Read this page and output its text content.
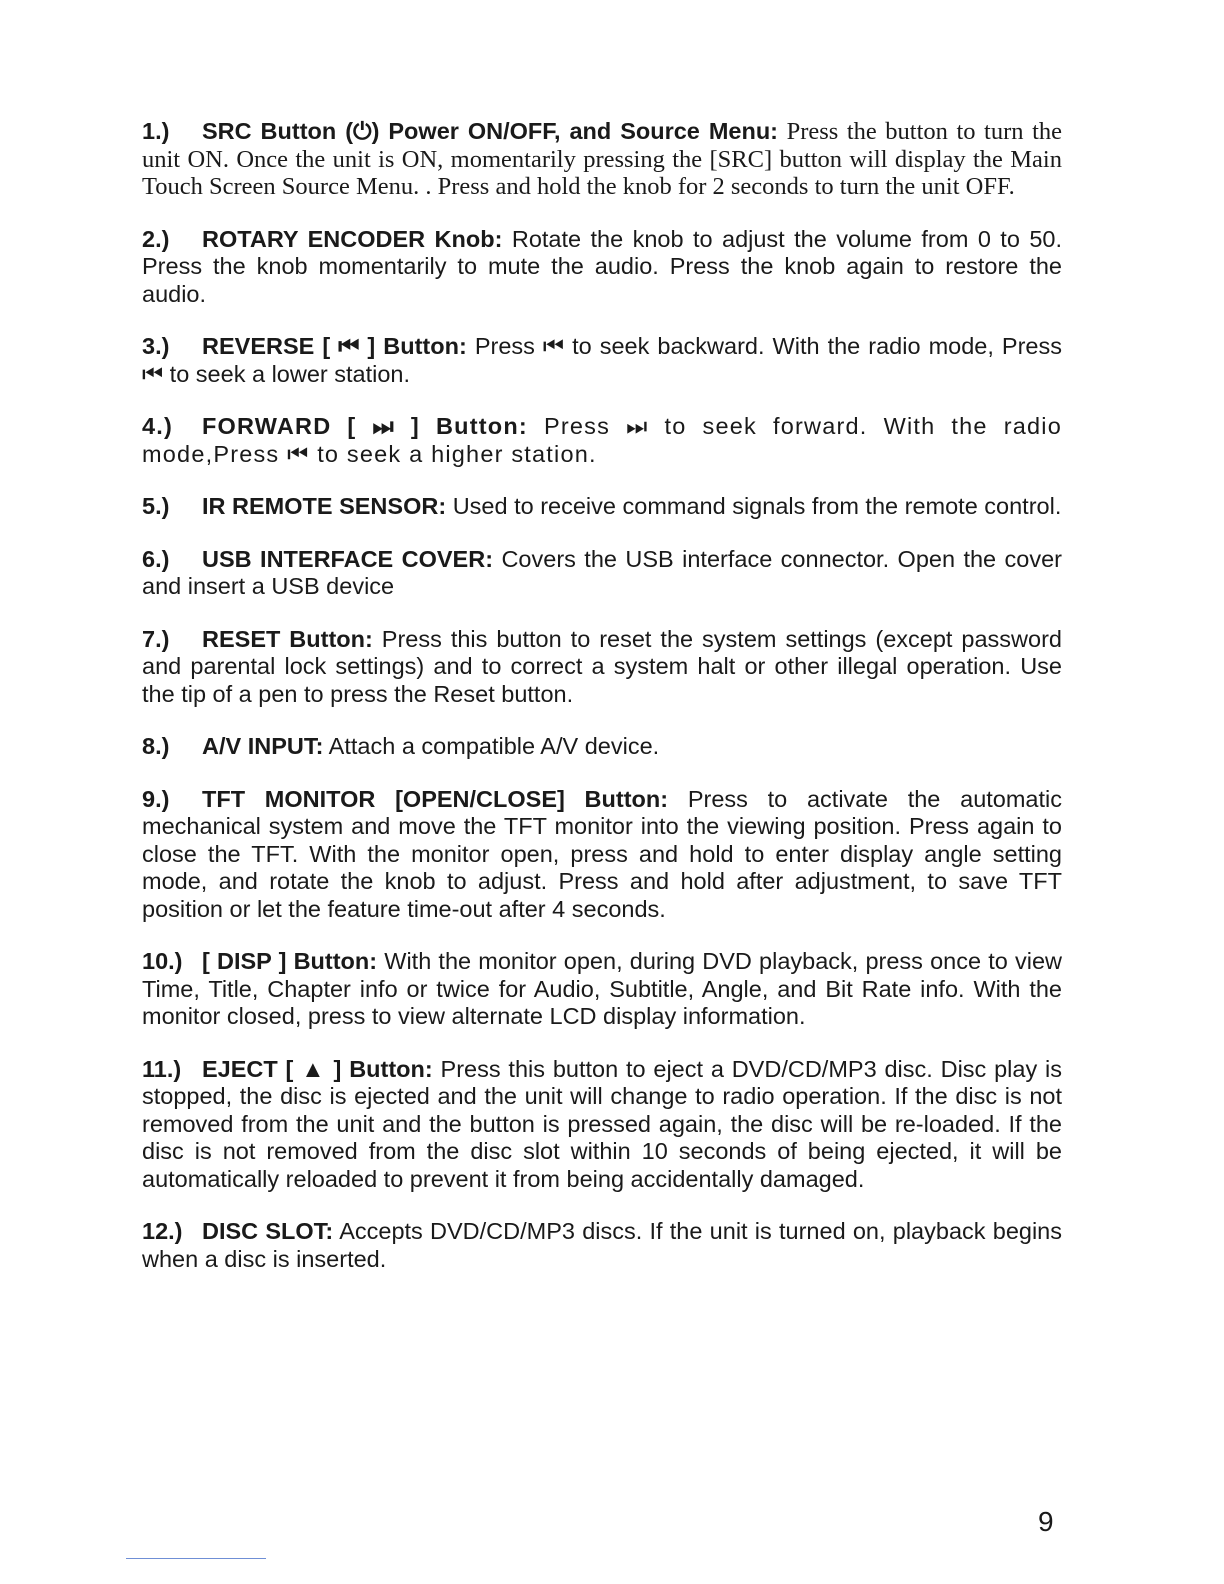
1.) SRC Button (⏻) Power ON/OFF, and Source Menu: Press the button to turn the unit ON. Once the unit is ON, momentarily pressing the [SRC] button will display the Main Touch Screen Source Menu. . Press and hold the knob for 2 seconds to turn the unit OFF.

2.) ROTARY ENCODER Knob: Rotate the knob to adjust the volume from 0 to 50. Press the knob momentarily to mute the audio. Press the knob again to restore the audio.

3.) REVERSE [ ⏮ ] Button: Press ⏮ to seek backward. With the radio mode, Press ⏮ to seek a lower station.

4.) FORWARD [ ⏭ ] Button: Press ⏭ to seek forward. With the radio mode,Press ⏮ to seek a higher station.

5.) IR REMOTE SENSOR: Used to receive command signals from the remote control.

6.) USB INTERFACE COVER: Covers the USB interface connector. Open the cover and insert a USB device

7.) RESET Button: Press this button to reset the system settings (except password and parental lock settings) and to correct a system halt or other illegal operation. Use the tip of a pen to press the Reset button.

8.) A/V INPUT: Attach a compatible A/V device.

9.) TFT MONITOR [OPEN/CLOSE] Button: Press to activate the automatic mechanical system and move the TFT monitor into the viewing position. Press again to close the TFT. With the monitor open, press and hold to enter display angle setting mode, and rotate the knob to adjust. Press and hold after adjustment, to save TFT position or let the feature time-out after 4 seconds.

10.) [ DISP ] Button: With the monitor open, during DVD playback, press once to view Time, Title, Chapter info or twice for Audio, Subtitle, Angle, and Bit Rate info. With the monitor closed, press to view alternate LCD display information.

11.) EJECT [ ▲ ] Button: Press this button to eject a DVD/CD/MP3 disc. Disc play is stopped, the disc is ejected and the unit will change to radio operation. If the disc is not removed from the unit and the button is pressed again, the disc will be re-loaded. If the disc is not removed from the disc slot within 10 seconds of being ejected, it will be automatically reloaded to prevent it from being accidentally damaged.

12.) DISC SLOT: Accepts DVD/CD/MP3 discs. If the unit is turned on, playback begins when a disc is inserted.

9
